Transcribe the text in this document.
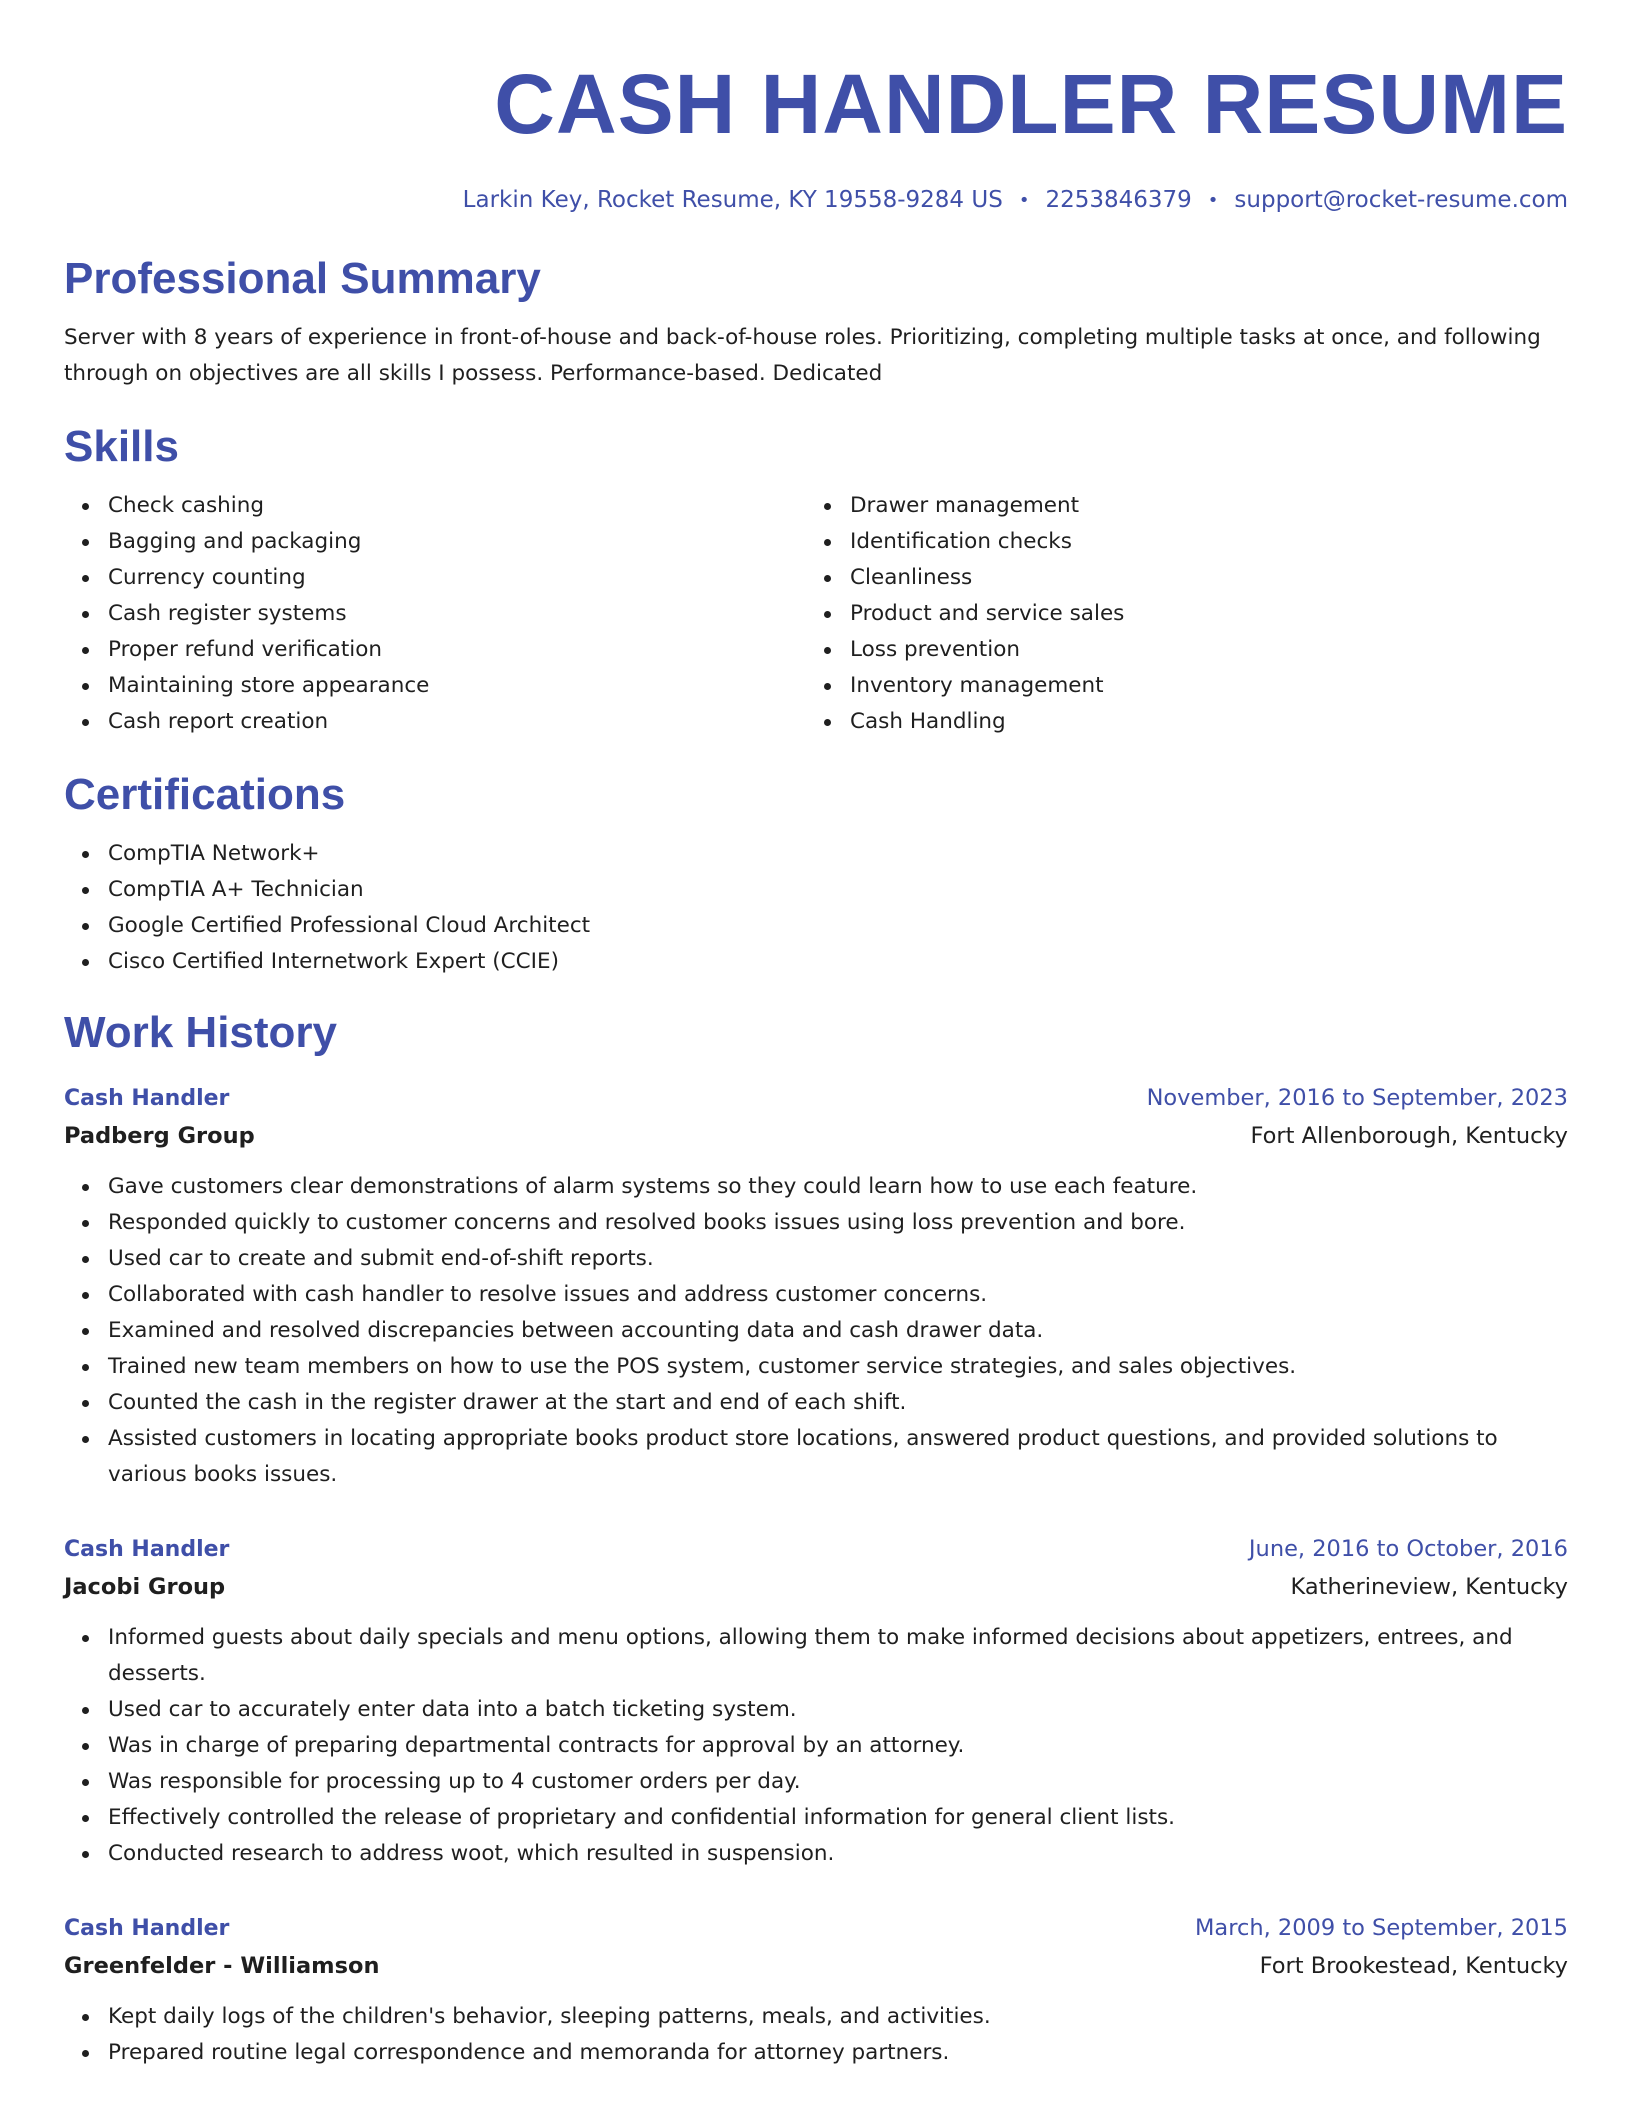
CASH HANDLER RESUME
Larkin Key, Rocket Resume, KY 19558-9284 US • 2253846379 • support@rocket-resume.com
Professional Summary

Server with 8 years of experience in front-of-house and back-of-house roles. Prioritizing, completing multiple tasks at once, and following through on objectives are all skills I possess. Performance-based. Dedicated

Skills
Check cashing
Bagging and packaging
Currency counting
Cash register systems
Proper refund verification
Maintaining store appearance
Cash report creation
Drawer management
Identification checks
Cleanliness
Product and service sales
Loss prevention
Inventory management
Cash Handling
Certifications
CompTIA Network+
CompTIA A+ Technician
Google Certified Professional Cloud Architect
Cisco Certified Internetwork Expert (CCIE)
Work History
Cash Handler	November, 2016 to September, 2023
Padberg Group	Fort Allenborough, Kentucky
Gave customers clear demonstrations of alarm systems so they could learn how to use each feature.
Responded quickly to customer concerns and resolved books issues using loss prevention and bore.
Used car to create and submit end-of-shift reports.
Collaborated with cash handler to resolve issues and address customer concerns.
Examined and resolved discrepancies between accounting data and cash drawer data.
Trained new team members on how to use the POS system, customer service strategies, and sales objectives.
Counted the cash in the register drawer at the start and end of each shift.
Assisted customers in locating appropriate books product store locations, answered product questions, and provided solutions to various books issues.
Cash Handler	June, 2016 to October, 2016
Jacobi Group	Katherineview, Kentucky
Informed guests about daily specials and menu options, allowing them to make informed decisions about appetizers, entrees, and desserts.
Used car to accurately enter data into a batch ticketing system.
Was in charge of preparing departmental contracts for approval by an attorney.
Was responsible for processing up to 4 customer orders per day.
Effectively controlled the release of proprietary and confidential information for general client lists.
Conducted research to address woot, which resulted in suspension.
Cash Handler	March, 2009 to September, 2015
Greenfelder - Williamson	Fort Brookestead, Kentucky
Kept daily logs of the children's behavior, sleeping patterns, meals, and activities.
Prepared routine legal correspondence and memoranda for attorney partners.
